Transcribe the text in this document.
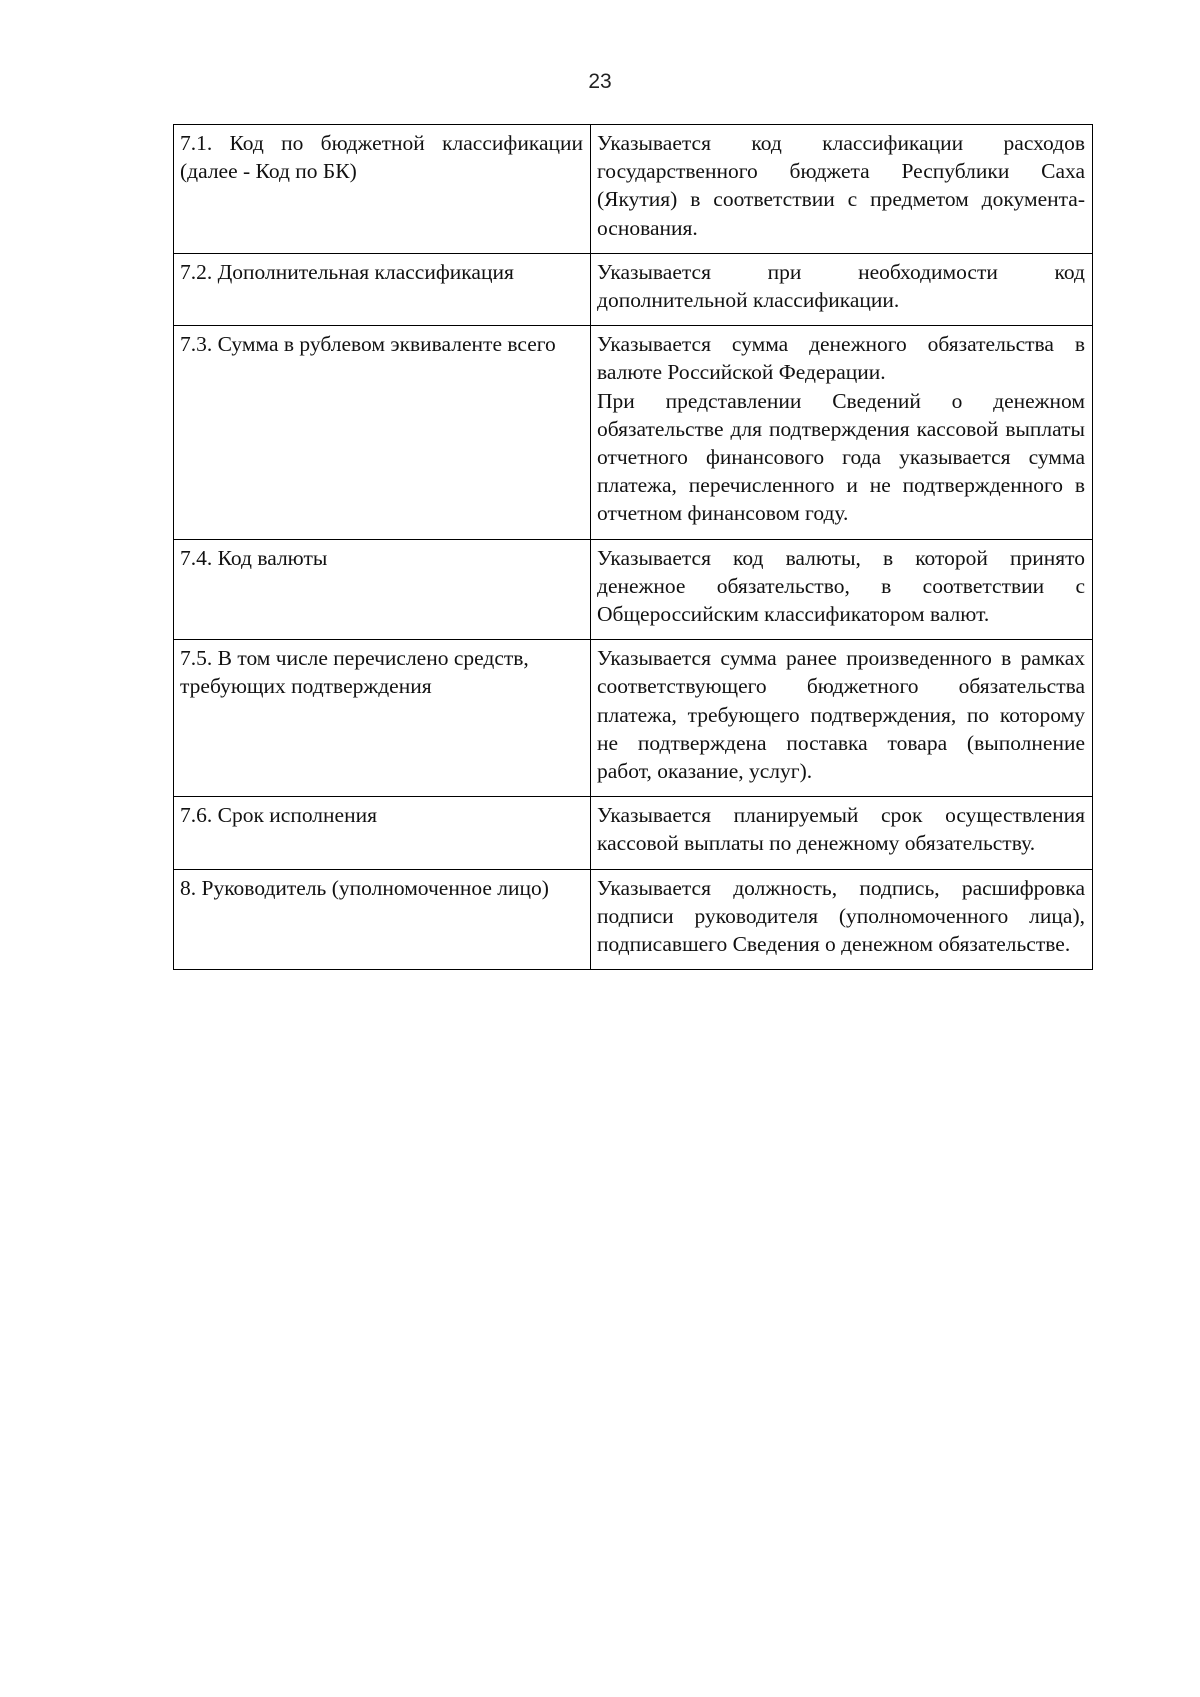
23
7.1. Код по бюджетной классификации (далее - Код по БК)	Указывается код классификации расходов государственного бюджета Республики Саха (Якутия) в соответствии с предметом документа-основания.

7.2. Дополнительная классификация	Указывается при необходимости код дополнительной классификации.

7.3. Сумма в рублевом эквиваленте всего	Указывается сумма денежного обязательства в валюте Российской Федерации.
При представлении Сведений о денежном обязательстве для подтверждения кассовой выплаты отчетного финансового года указывается сумма платежа, перечисленного и не подтвержденного в отчетном финансовом году.

7.4. Код валюты	Указывается код валюты, в которой принято денежное обязательство, в соответствии с Общероссийским классификатором валют.

7.5. В том числе перечислено средств, требующих подтверждения	Указывается сумма ранее произведенного в рамках соответствующего бюджетного обязательства платежа, требующего подтверждения, по которому не подтверждена поставка товара (выполнение работ, оказание, услуг).

7.6. Срок исполнения	Указывается планируемый срок осуществления кассовой выплаты по денежному обязательству.

8. Руководитель (уполномоченное лицо)	Указывается должность, подпись, расшифровка подписи руководителя (уполномоченного лица), подписавшего Сведения о денежном обязательстве.
